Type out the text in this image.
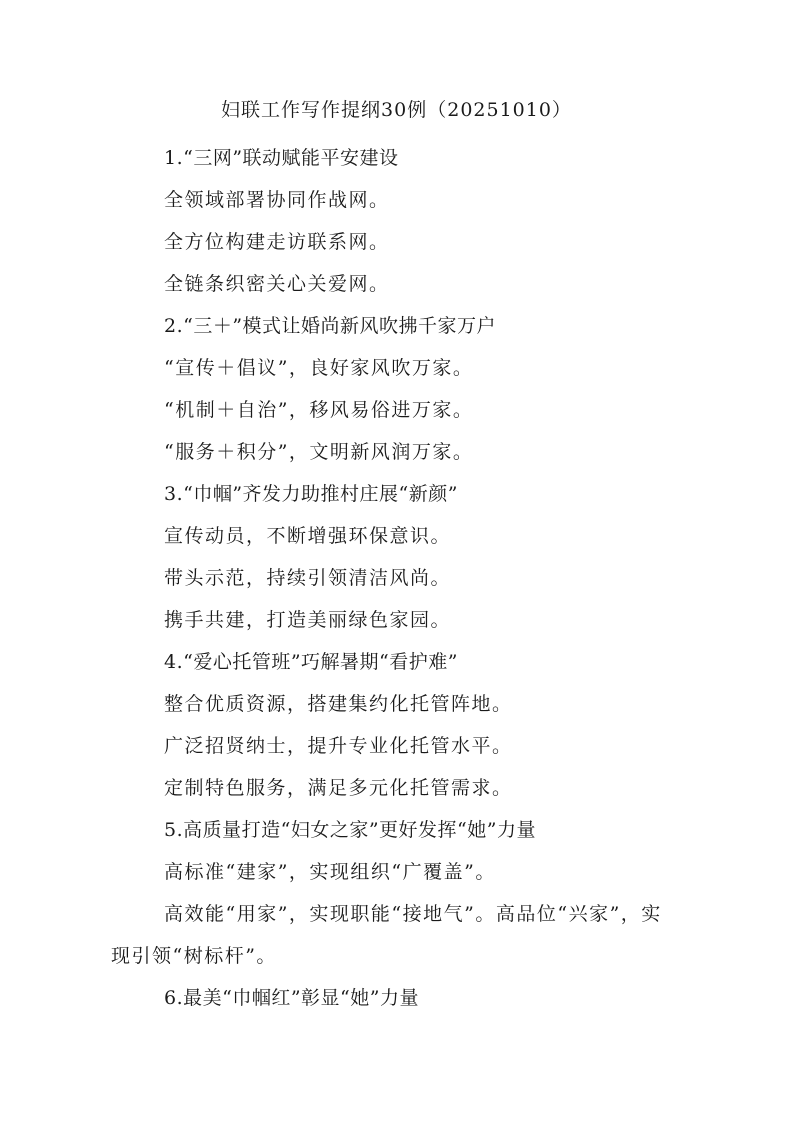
妇联工作写作提纲30例（20251010）

1.“三网”联动赋能平安建设

全领域部署协同作战网。

全方位构建走访联系网。

全链条织密关心关爱网。

2.“三＋”模式让婚尚新风吹拂千家万户

“宣传＋倡议”，良好家风吹万家。

“机制＋自治”，移风易俗进万家。

“服务＋积分”，文明新风润万家。

3.“巾帼”齐发力助推村庄展“新颜”

宣传动员，不断增强环保意识。

带头示范，持续引领清洁风尚。

携手共建，打造美丽绿色家园。

4.“爱心托管班”巧解暑期“看护难”

整合优质资源，搭建集约化托管阵地。

广泛招贤纳士，提升专业化托管水平。

定制特色服务，满足多元化托管需求。

5.高质量打造“妇女之家”更好发挥“她”力量

高标准“建家”，实现组织“广覆盖”。

高效能“用家”，实现职能“接地气”。高品位“兴家”，实现引领“树标杆”。

6.最美“巾帼红”彰显“她”力量
